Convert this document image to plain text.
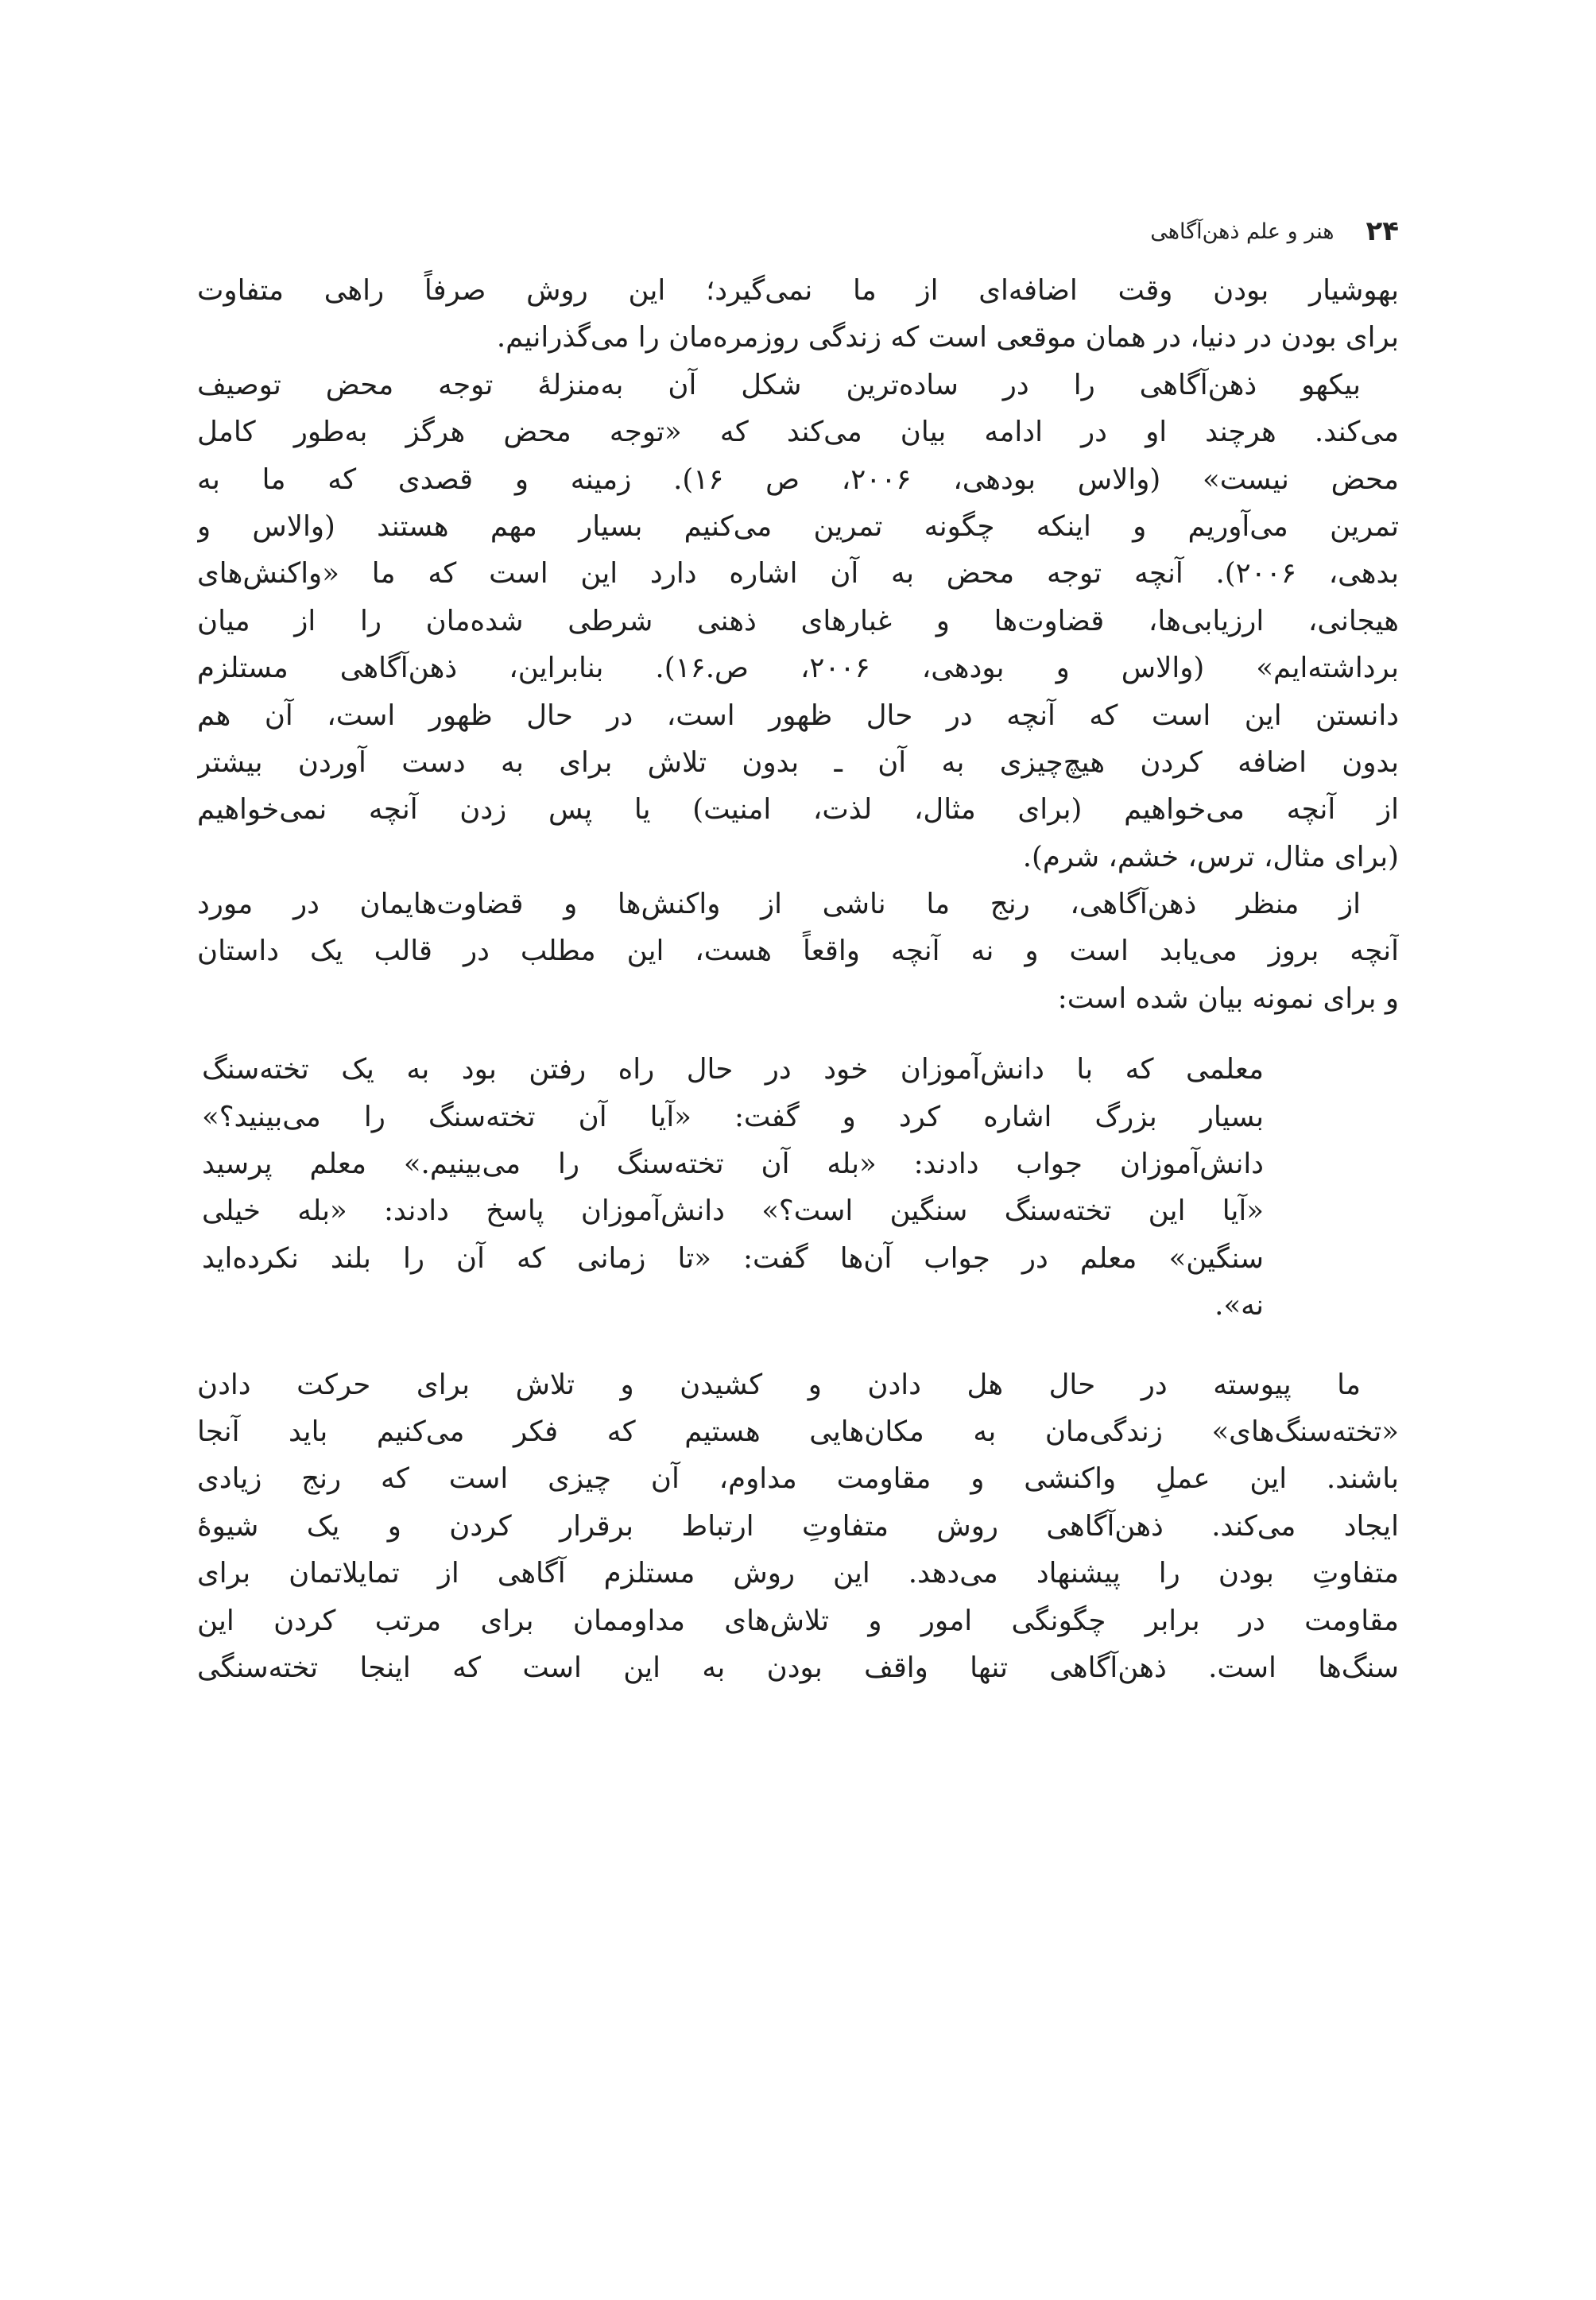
۲۴
هنر و علم ذهن‌آگاهی
بهوشیار بودن وقت اضافه‌ای از ما نمی‌گیرد؛ این روش صرفاً راهی متفاوت
برای بودن در دنیا، در همان موقعی است که زندگی روزمره‌مان را می‌گذرانیم.
بیکهو ذهن‌آگاهی را در ساده‌ترین شکل آن به‌منزلهٔ توجه محض توصیف
می‌کند. هرچند او در ادامه بیان می‌کند که «توجه محض هرگز به‌طور کامل
محض نیست» (والاس بودهی، ۲۰۰۶، ص ۱۶). زمینه و قصدی که ما به
تمرین می‌آوریم و اینکه چگونه تمرین می‌کنیم بسیار مهم هستند (والاس و
بدهی، ۲۰۰۶). آنچه توجه محض به آن اشاره دارد این است که ما «واکنش‌های
هیجانی، ارزیابی‌ها، قضاوت‌ها و غبارهای ذهنی شرطی شده‌مان را از میان
برداشته‌ایم» (والاس و بودهی، ۲۰۰۶، ص.۱۶). بنابراین، ذهن‌آگاهی مستلزم
دانستن این است که آنچه در حال ظهور است، در حال ظهور است، آن هم
بدون اضافه کردن هیچ‌چیزی به آن ـ بدون تلاش برای به دست آوردن بیشتر
از آنچه می‌خواهیم (برای مثال، لذت، امنیت) یا پس زدن آنچه نمی‌خواهیم
(برای مثال، ترس، خشم، شرم).
از منظر ذهن‌آگاهی، رنج ما ناشی از واکنش‌ها و قضاوت‌هایمان در مورد
آنچه بروز می‌یابد است و نه آنچه واقعاً هست، این مطلب در قالب یک داستان
و برای نمونه بیان شده است:
معلمی که با دانش‌آموزان خود در حال راه رفتن بود به یک تخته‌سنگ
بسیار بزرگ اشاره کرد و گفت: «آیا آن تخته‌سنگ را می‌بینید؟»
دانش‌آموزان جواب دادند: «بله آن تخته‌سنگ را می‌بینیم.» معلم پرسید
«آیا این تخته‌سنگ سنگین است؟» دانش‌آموزان پاسخ دادند: «بله خیلی
سنگین» معلم در جواب آن‌ها گفت: «تا زمانی که آن را بلند نکرده‌اید
نه».
ما پیوسته در حال هل دادن و کشیدن و تلاش برای حرکت دادن
«تخته‌سنگ‌های» زندگی‌مان به مکان‌هایی هستیم که فکر می‌کنیم باید آنجا
باشند. این عملِ واکنشی و مقاومت مداوم، آن چیزی است که رنج زیادی
ایجاد می‌کند. ذهن‌آگاهی روش متفاوتِ ارتباط برقرار کردن و یک شیوهٔ
متفاوتِ بودن را پیشنهاد می‌دهد. این روش مستلزم آگاهی از تمایلاتمان برای
مقاومت در برابر چگونگی امور و تلاش‌های مداوممان برای مرتب کردن این
سنگ‌ها است. ذهن‌آگاهی تنها واقف بودن به این است که اینجا تخته‌سنگی
